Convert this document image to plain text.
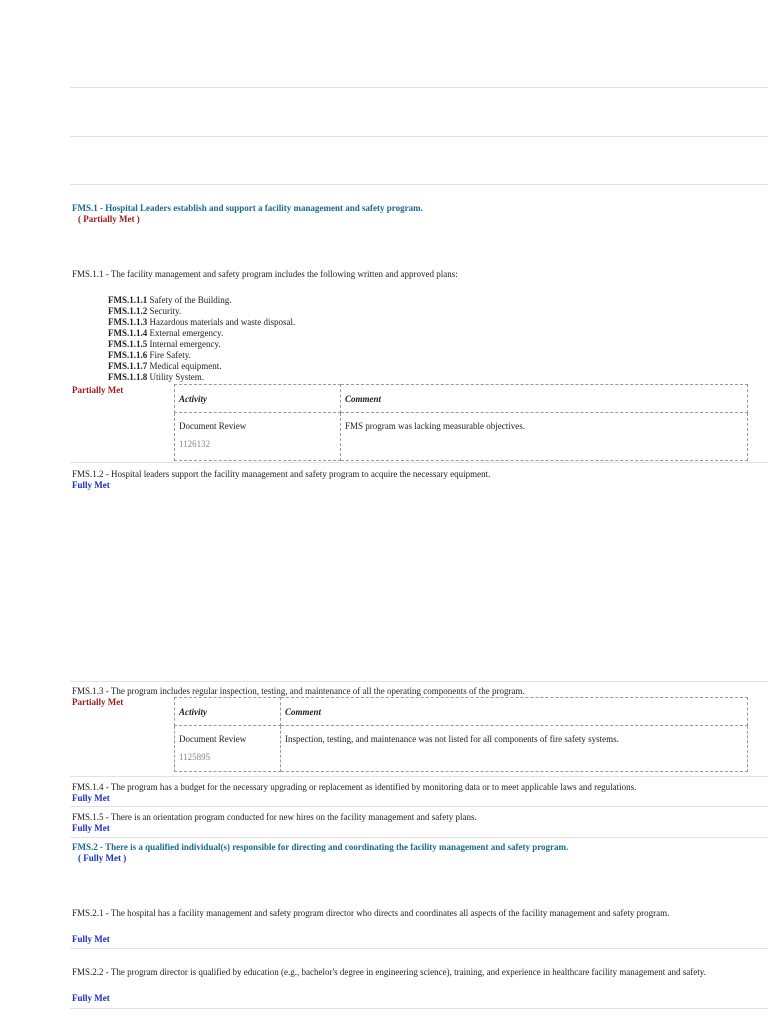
FMS.1 - Hospital Leaders establish and support a facility management and safety program.
( Partially Met )
FMS.1.1 - The facility management and safety program includes the following written and approved plans:
FMS.1.1.1 Safety of the Building.
FMS.1.1.2 Security.
FMS.1.1.3 Hazardous materials and waste disposal.
FMS.1.1.4 External emergency.
FMS.1.1.5 Internal emergency.
FMS.1.1.6 Fire Safety.
FMS.1.1.7 Medical equipment.
FMS.1.1.8 Utility System.
Partially Met
Activity	Comment
Document Review
1126132	FMS program was lacking measurable objectives.
FMS.1.2 - Hospital leaders support the facility management and safety program to acquire the necessary equipment.
Fully Met
FMS.1.3 - The program includes regular inspection, testing, and maintenance of all the operating components of the program.
Partially Met
Activity	Comment
Document Review
1125895	Inspection, testing, and maintenance was not listed for all components of fire safety systems.
FMS.1.4 - The program has a budget for the necessary upgrading or replacement as identified by monitoring data or to meet applicable laws and regulations.
Fully Met
FMS.1.5 - There is an orientation program conducted for new hires on the facility management and safety plans.
Fully Met
FMS.2 - There is a qualified individual(s) responsible for directing and coordinating the facility management and safety program.
( Fully Met )
FMS.2.1 - The hospital has a facility management and safety program director who directs and coordinates all aspects of the facility management and safety program.
Fully Met
FMS.2.2 - The program director is qualified by education (e.g., bachelor's degree in engineering science), training, and experience in healthcare facility management and safety.
Fully Met
